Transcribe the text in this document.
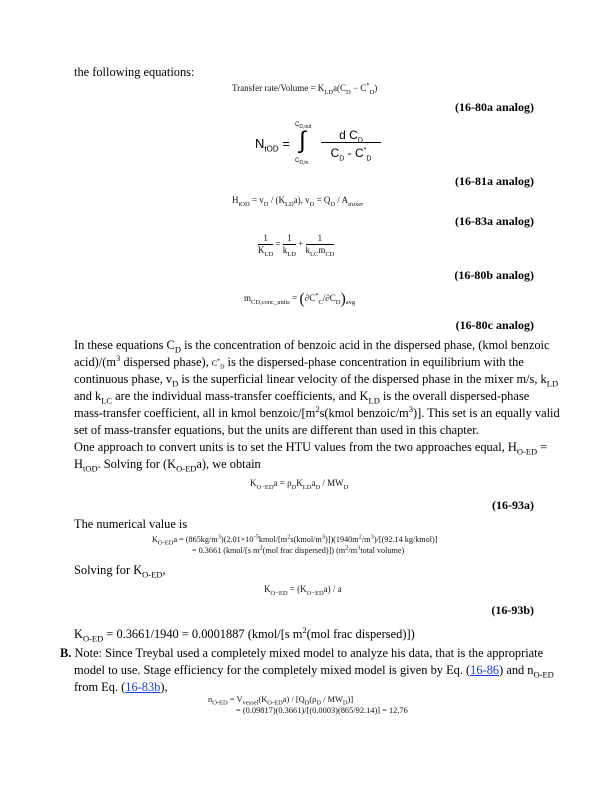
the following equations:
Transfer rate/Volume = $K_{LD}a(C_D - C^*_D)$
(16-80a analog)
$N_{tOD}$ =
$C_{D,out}$
∫
$C_{D,in}$
d $C_D$
$C_D - C^*_D$
(16-81a analog)
$H_{tOD} = v_D / (K_{LD}a)$, $v_D = Q_D / A_{mixer}$
(16-83a analog)
$\frac{1}{K_{LD}} = \frac{1}{k_{LD}} + \frac{1}{k_{LC}m_{CD}}$
(16-80b analog)
$m_{CD,conc\_units} = (\partial C^*_C/\partial C_D)_{avg}$
(16-80c analog)
In these equations $C_D$ is the concentration of benzoic acid in the dispersed phase, (kmol benzoic
$acid)/(m^3$ dispersed phase), $C^*_D$ is the dispersed-phase concentration in equilibrium with the
continuous phase, $v_D$ is the superficial linear velocity of the dispersed phase in the mixer m/s, $k_{LD}$
and $k_{LC}$ are the individual mass-transfer coefficients, and $K_{LD}$ is the overall dispersed-phase
mass-transfer coefficient, all in kmol benzoic/[$m^2s(kmol$ benzoic/$m^3$)]. This set is an equally valid
set of mass-transfer equations, but the units are different than used in this chapter.
One approach to convert units is to set the HTU values from the two approaches equal, $H_{O-ED}$ =
$H_{tOD}$. Solving for $(K_{O-ED}a)$, we obtain
$K_{O-ED}a = \rho_DK_{LD}a_D / MW_D$
(16-93a)
The numerical value is
$K_{O-ED}a$ = $(865kg/m^3)(2.01\times 10^{-5}kmol/[m^2s(kmol/m^3)])(1940m^2/m^3)/[(92.14$ kg/kmol)]
= 0.3661 (kmol/[s $m^2(mol$ frac dispersed)]) ($m^2/m^3total$ volume)
Solving for $K_{O-ED}$,
$K_{O-ED} = (K_{O-ED}a) / a$
(16-93b)
$K_{O-ED} = 0.3661/1940 = 0.0001887$ (kmol/[s $m^2(mol$ frac dispersed)])
B. Note: Since Treybal used a completely mixed model to analyze his data, that is the appropriate
model to use. Stage efficiency for the completely mixed model is given by Eq. (16-86) and $n_{O-ED}$
from Eq. (16-83b),
$n_{O-ED} = V_{vessel}(K_{O-ED}a) / [Q_D(\rho_D / MW_D)]$
= (0.09817)(0.3661)/[(0.0003)(865/92.14)] = 12.76
